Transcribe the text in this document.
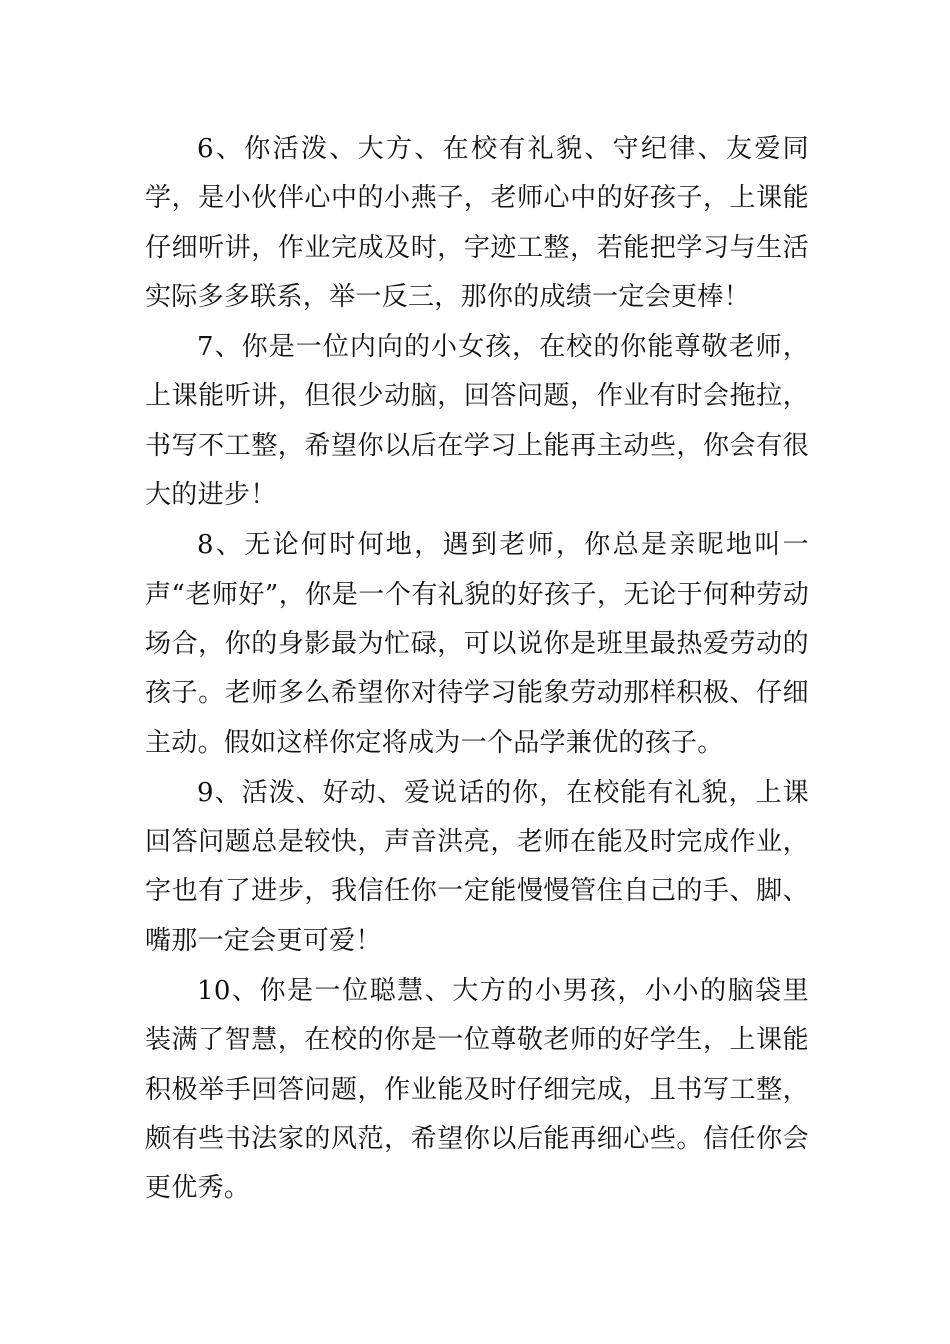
6、你活泼、大方、在校有礼貌、守纪律、友爱同学，是小伙伴心中的小燕子，老师心中的好孩子，上课能仔细听讲，作业完成及时，字迹工整，若能把学习与生活实际多多联系，举一反三，那你的成绩一定会更棒！

7、你是一位内向的小女孩，在校的你能尊敬老师，上课能听讲，但很少动脑，回答问题，作业有时会拖拉，书写不工整，希望你以后在学习上能再主动些，你会有很大的进步！

8、无论何时何地，遇到老师，你总是亲昵地叫一声“老师好”，你是一个有礼貌的好孩子，无论于何种劳动场合，你的身影最为忙碌，可以说你是班里最热爱劳动的孩子。老师多么希望你对待学习能象劳动那样积极、仔细主动。假如这样你定将成为一个品学兼优的孩子。

9、活泼、好动、爱说话的你，在校能有礼貌，上课回答问题总是较快，声音洪亮，老师在能及时完成作业，字也有了进步，我信任你一定能慢慢管住自己的手、脚、嘴那一定会更可爱！

10、你是一位聪慧、大方的小男孩，小小的脑袋里装满了智慧，在校的你是一位尊敬老师的好学生，上课能积极举手回答问题，作业能及时仔细完成，且书写工整，颇有些书法家的风范，希望你以后能再细心些。信任你会更优秀。
